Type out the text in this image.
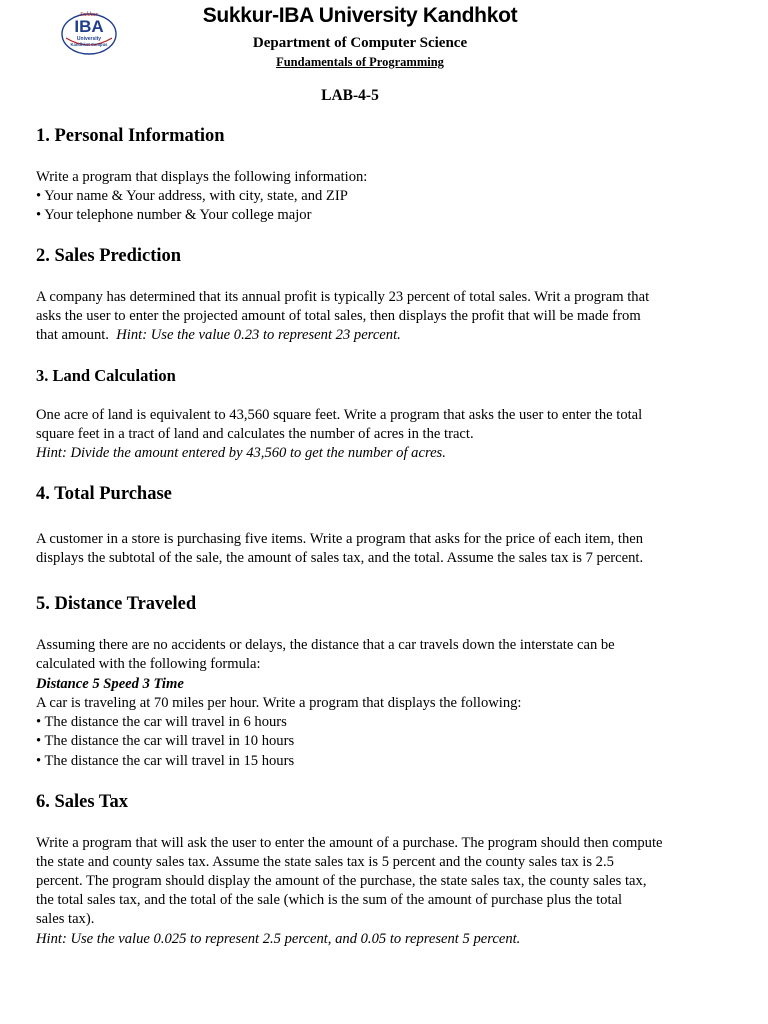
Sukkur
IBA
University
Kandhkot Campus
Sukkur-IBA University Kandhkot
Department of Computer Science
Fundamentals of Programming
LAB-4-5
1. Personal Information
Write a program that displays the following information:
• Your name & Your address, with city, state, and ZIP
• Your telephone number & Your college major
2. Sales Prediction
A company has determined that its annual profit is typically 23 percent of total sales. Writ a program that
asks the user to enter the projected amount of total sales, then displays the profit that will be made from
that amount. Hint: Use the value 0.23 to represent 23 percent.
3. Land Calculation
One acre of land is equivalent to 43,560 square feet. Write a program that asks the user to enter the total
square feet in a tract of land and calculates the number of acres in the tract.
Hint: Divide the amount entered by 43,560 to get the number of acres.
4. Total Purchase
A customer in a store is purchasing five items. Write a program that asks for the price of each item, then
displays the subtotal of the sale, the amount of sales tax, and the total. Assume the sales tax is 7 percent.
5. Distance Traveled
Assuming there are no accidents or delays, the distance that a car travels down the interstate can be
calculated with the following formula:
Distance 5 Speed 3 Time
A car is traveling at 70 miles per hour. Write a program that displays the following:
• The distance the car will travel in 6 hours
• The distance the car will travel in 10 hours
• The distance the car will travel in 15 hours
6. Sales Tax
Write a program that will ask the user to enter the amount of a purchase. The program should then compute
the state and county sales tax. Assume the state sales tax is 5 percent and the county sales tax is 2.5
percent. The program should display the amount of the purchase, the state sales tax, the county sales tax,
the total sales tax, and the total of the sale (which is the sum of the amount of purchase plus the total
sales tax).
Hint: Use the value 0.025 to represent 2.5 percent, and 0.05 to represent 5 percent.
